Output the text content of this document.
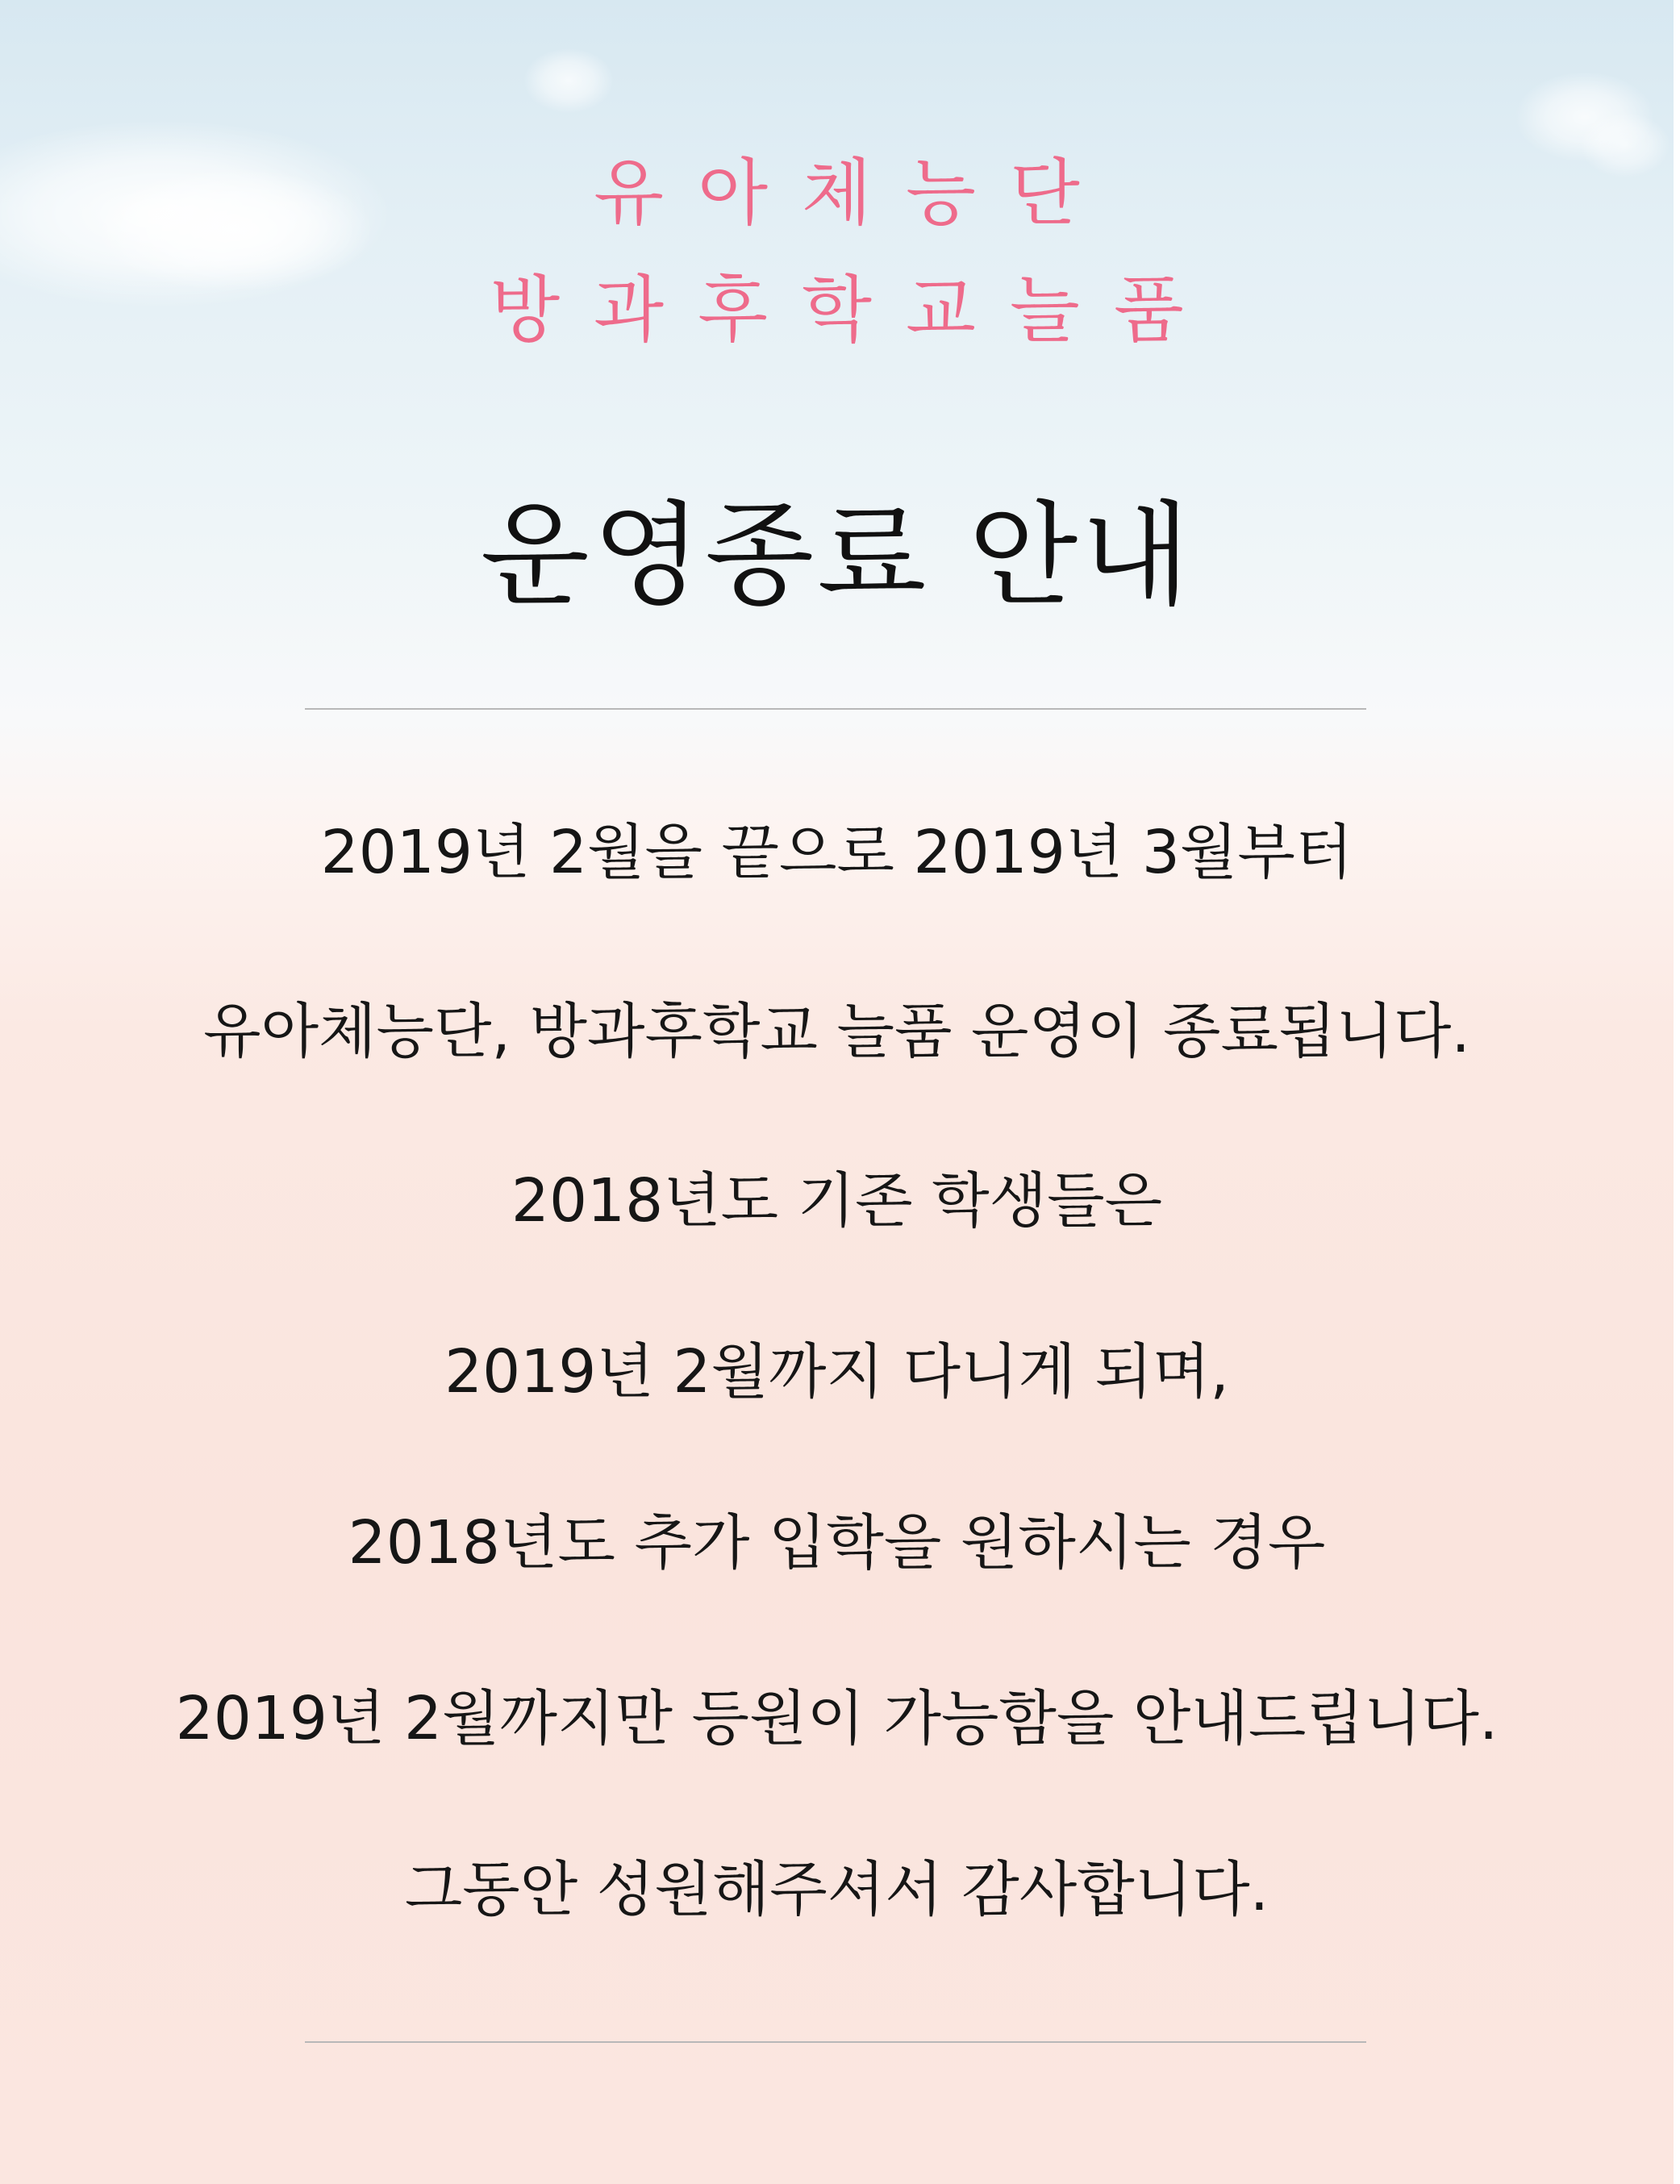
유아체능단
방과후학교늘품
운영종료 안내
2019년 2월을 끝으로 2019년 3월부터
유아체능단, 방과후학교 늘품 운영이 종료됩니다.
2018년도 기존 학생들은
2019년 2월까지 다니게 되며,
2018년도 추가 입학을 원하시는 경우
2019년 2월까지만 등원이 가능함을 안내드립니다.
그동안 성원해주셔서 감사합니다.
